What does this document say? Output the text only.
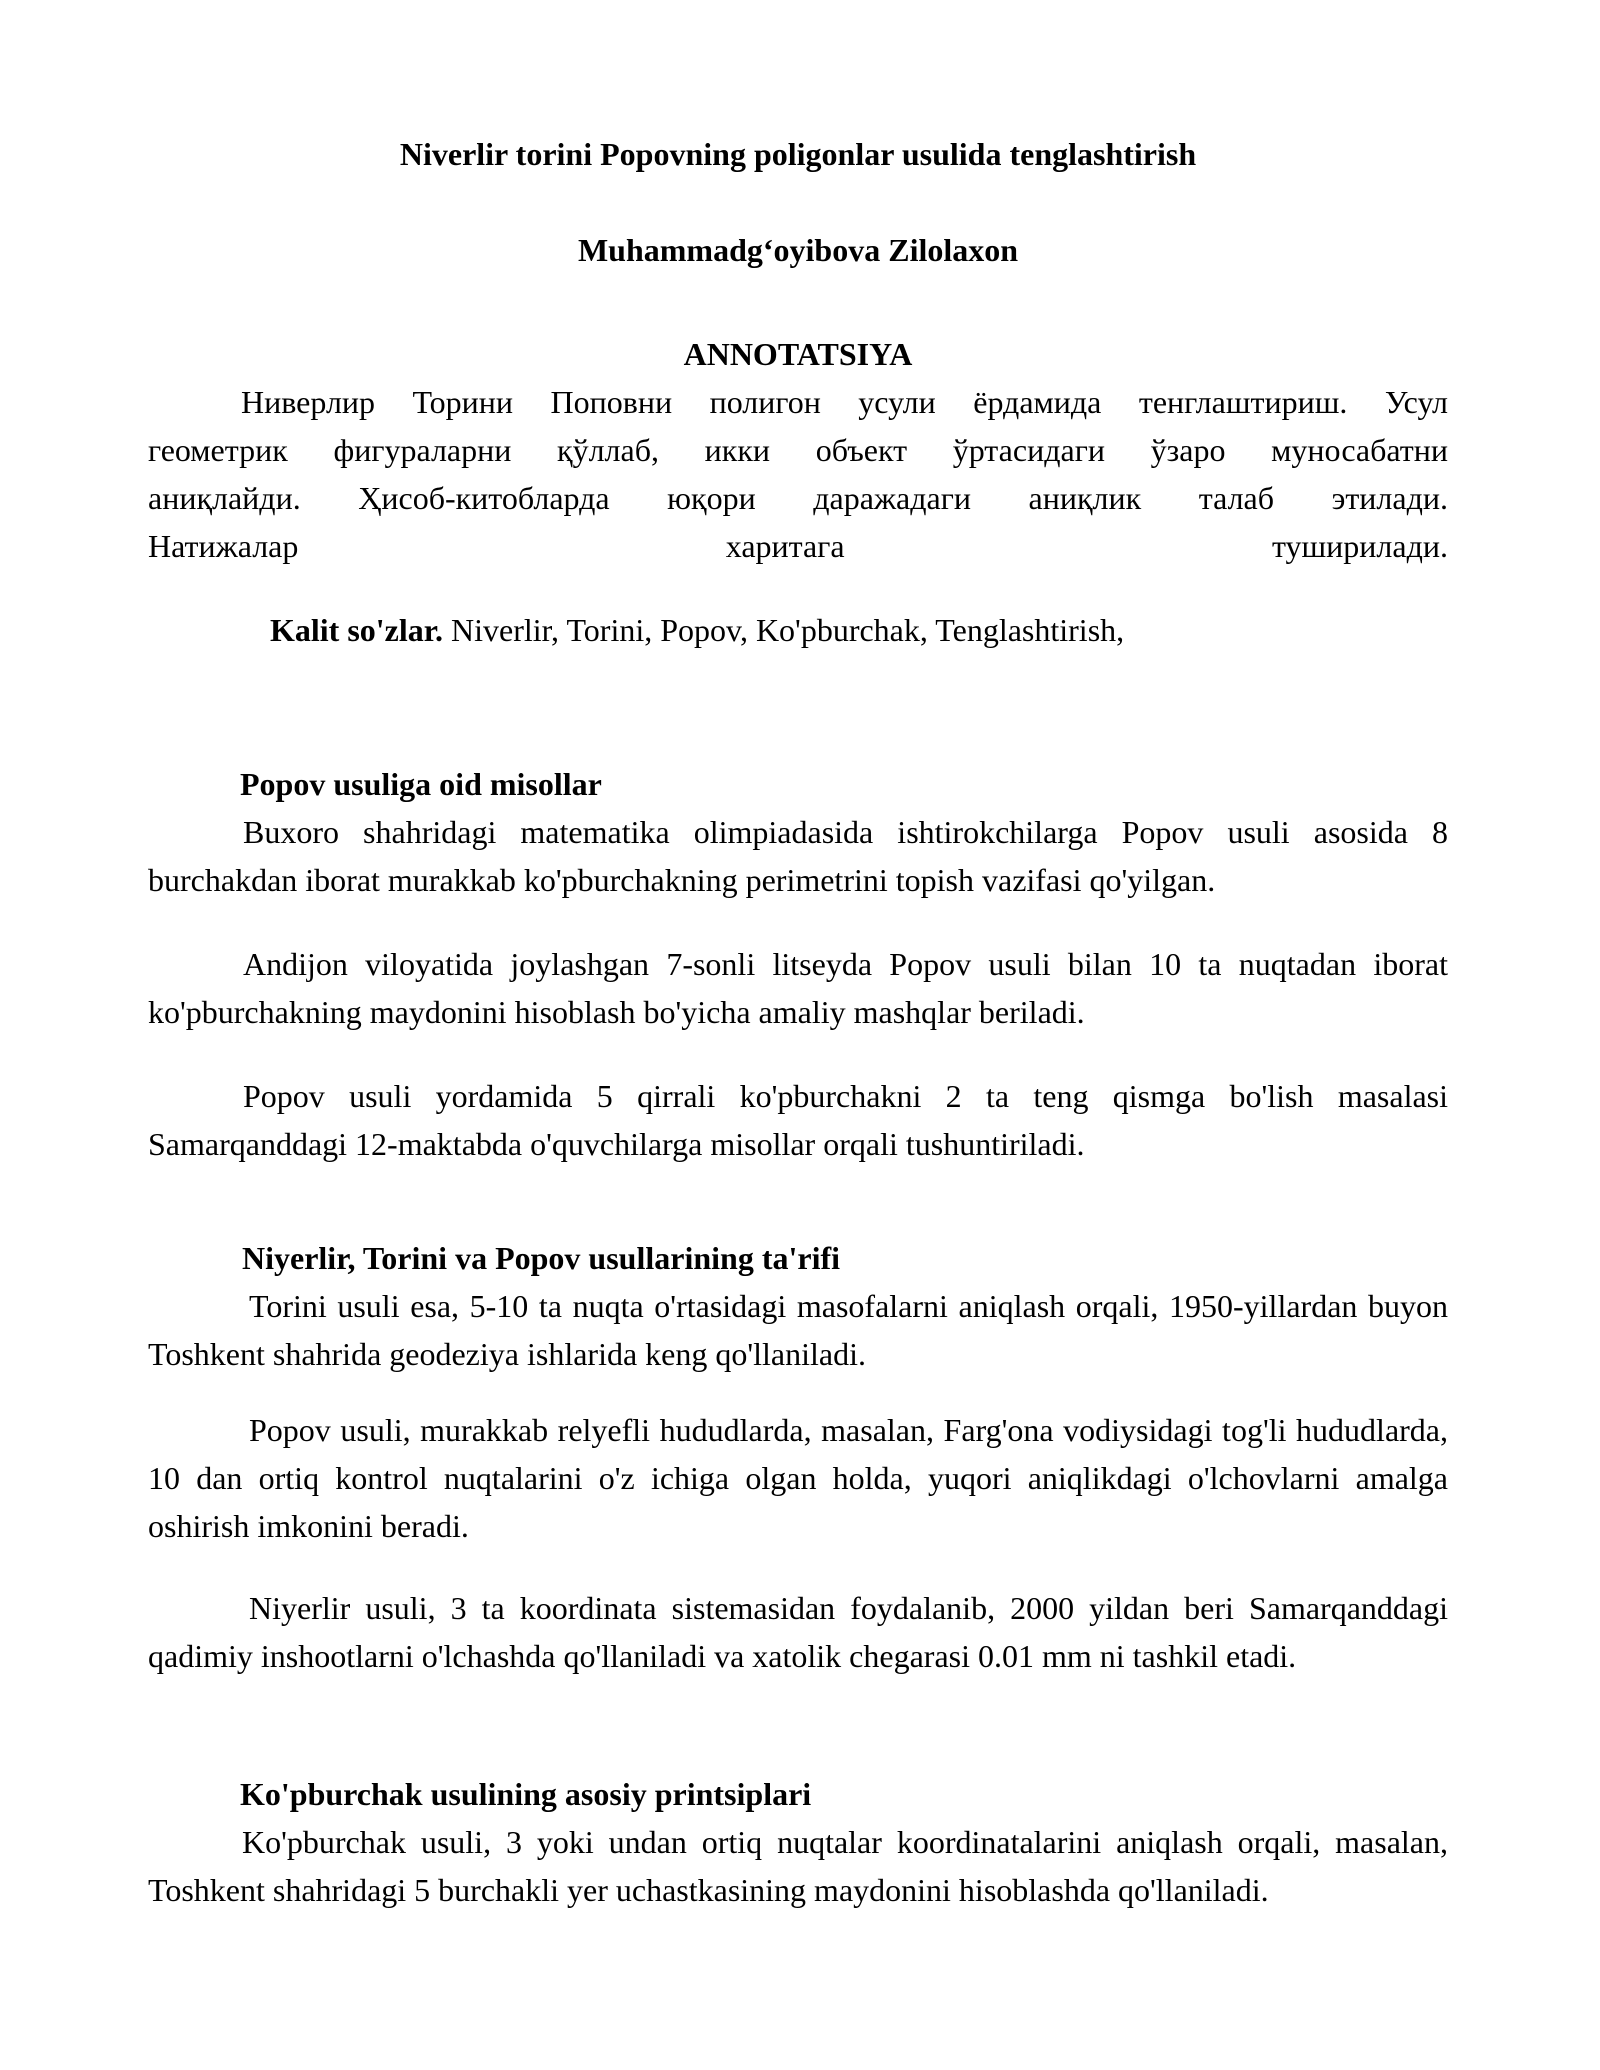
Niverlir torini Popovning poligonlar usulida tenglashtirish
Muhammadg‘oyibova Zilolaxon
ANNOTATSIYA
Ниверлир Торини Поповни полигон усули ёрдамида тенглаштириш. Усул
геометрик фигураларни қўллаб, икки объект ўртасидаги ўзаро муносабатни
аниқлайди. Ҳисоб-китобларда юқори даражадаги аниқлик талаб этилади.
Натижалар харитага туширилади.
Kalit so'zlar. Niverlir, Torini, Popov, Ko'pburchak, Tenglashtirish,
Popov usuliga oid misollar
Buxoro shahridagi matematika olimpiadasida ishtirokchilarga Popov usuli asosida 8 burchakdan iborat murakkab ko'pburchakning perimetrini topish vazifasi qo'yilgan.
Andijon viloyatida joylashgan 7-sonli litseyda Popov usuli bilan 10 ta nuqtadan iborat ko'pburchakning maydonini hisoblash bo'yicha amaliy mashqlar beriladi.
Popov usuli yordamida 5 qirrali ko'pburchakni 2 ta teng qismga bo'lish masalasi Samarqanddagi 12-maktabda o'quvchilarga misollar orqali tushuntiriladi.
Niyerlir, Torini va Popov usullarining ta'rifi
Torini usuli esa, 5-10 ta nuqta o'rtasidagi masofalarni aniqlash orqali, 1950-yillardan buyon Toshkent shahrida geodeziya ishlarida keng qo'llaniladi.
Popov usuli, murakkab relyefli hududlarda, masalan, Farg'ona vodiysidagi tog'li hududlarda, 10 dan ortiq kontrol nuqtalarini o'z ichiga olgan holda, yuqori aniqlikdagi o'lchovlarni amalga oshirish imkonini beradi.
Niyerlir usuli, 3 ta koordinata sistemasidan foydalanib, 2000 yildan beri Samarqanddagi qadimiy inshootlarni o'lchashda qo'llaniladi va xatolik chegarasi 0.01 mm ni tashkil etadi.
Ko'pburchak usulining asosiy printsiplari
Ko'pburchak usuli, 3 yoki undan ortiq nuqtalar koordinatalarini aniqlash orqali, masalan, Toshkent shahridagi 5 burchakli yer uchastkasining maydonini hisoblashda qo'llaniladi.
